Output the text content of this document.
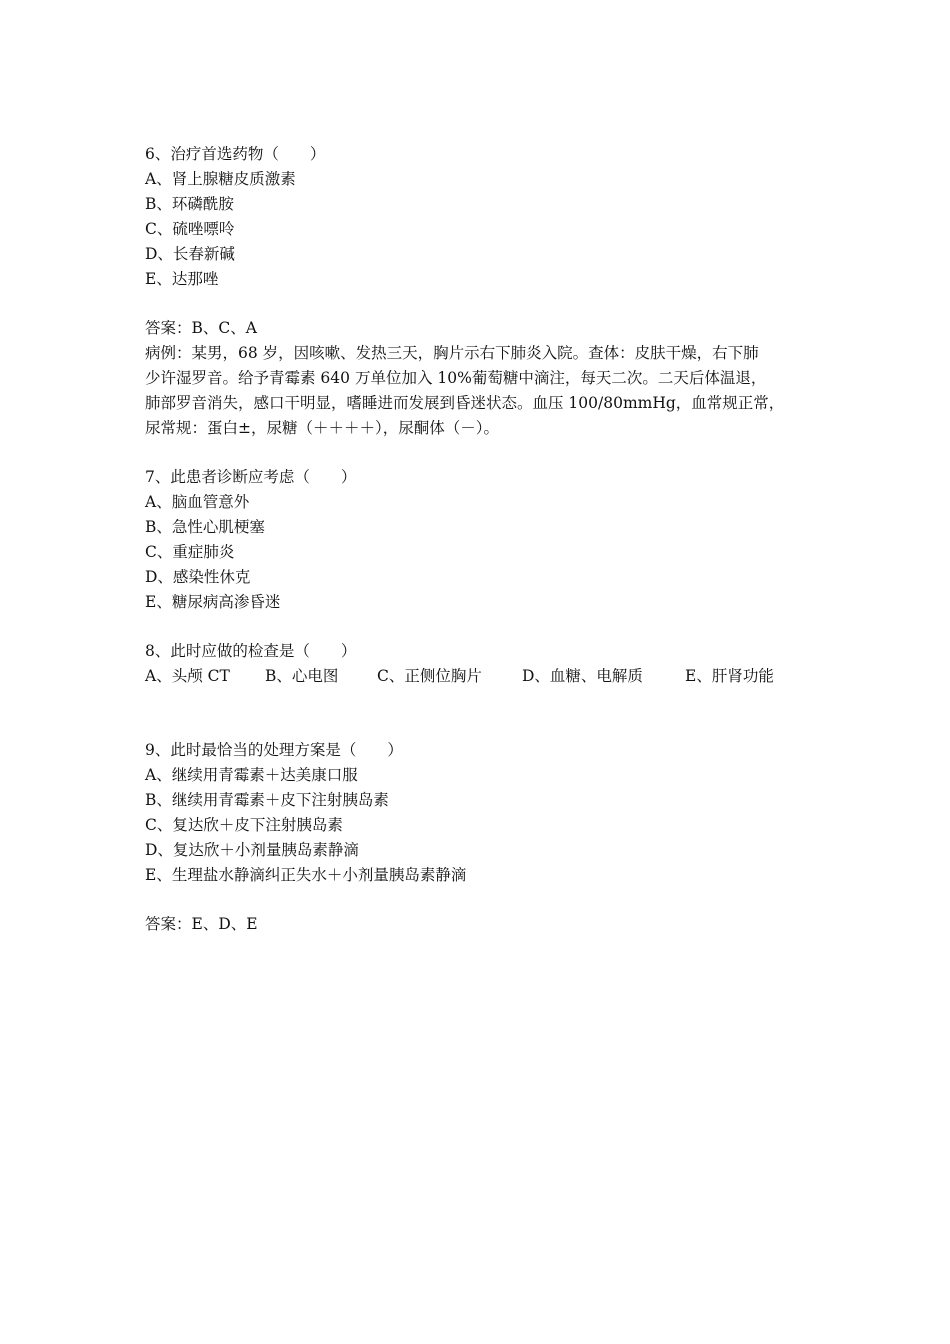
6、治疗首选药物（　　）
A、肾上腺糖皮质激素
B、环磷酰胺
C、硫唑嘌呤
D、长春新碱
E、达那唑
答案：B、C、A
病例：某男，68 岁，因咳嗽、发热三天，胸片示右下肺炎入院。查体：皮肤干燥，右下肺
少许湿罗音。给予青霉素 640 万单位加入 10%葡萄糖中滴注，每天二次。二天后体温退，
肺部罗音消失，感口干明显，嗜睡进而发展到昏迷状态。血压 100/80mmHg，血常规正常，
尿常规：蛋白±，尿糖（＋＋＋＋），尿酮体（－）。
7、此患者诊断应考虑（　　）
A、脑血管意外
B、急性心肌梗塞
C、重症肺炎
D、感染性休克
E、糖尿病高渗昏迷
8、此时应做的检查是（　　）
A、头颅 CT B、心电图 C、正侧位胸片	D、血糖、电解质	E、肝肾功能
9、此时最恰当的处理方案是（　　）
A、继续用青霉素＋达美康口服
B、继续用青霉素＋皮下注射胰岛素
C、复达欣＋皮下注射胰岛素
D、复达欣＋小剂量胰岛素静滴
E、生理盐水静滴纠正失水＋小剂量胰岛素静滴
答案：E、D、E
